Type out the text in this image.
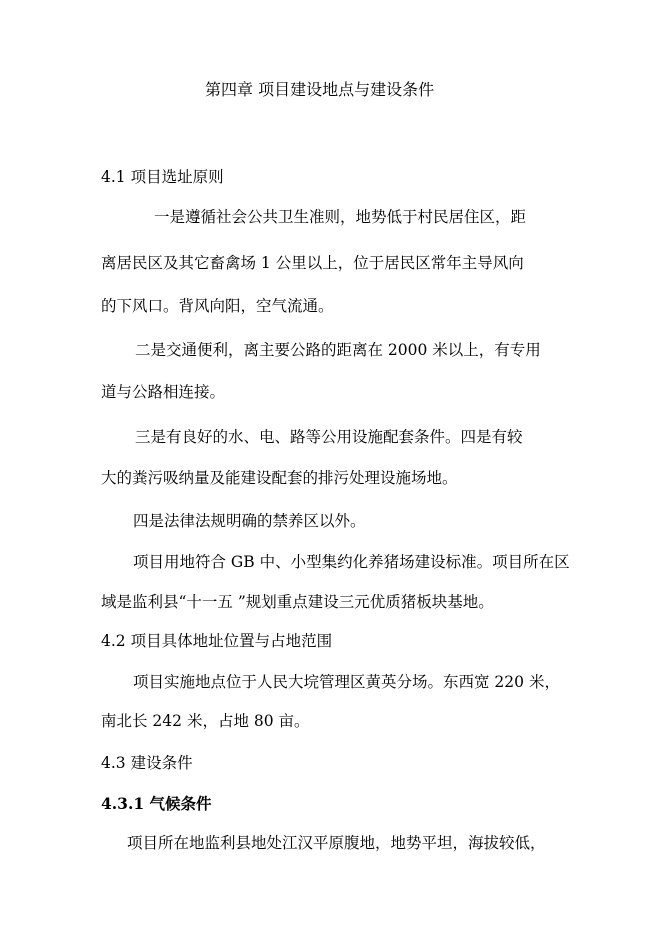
第四章 项目建设地点与建设条件
4.1 项目选址原则
一是遵循社会公共卫生准则，地势低于村民居住区，距
离居民区及其它畜禽场 1 公里以上，位于居民区常年主导风向
的下风口。背风向阳，空气流通。
二是交通便利，离主要公路的距离在 2000 米以上，有专用
道与公路相连接。
三是有良好的水、电、路等公用设施配套条件。四是有较
大的粪污吸纳量及能建设配套的排污处理设施场地。
四是法律法规明确的禁养区以外。
项目用地符合 GB 中、小型集约化养猪场建设标准。项目所在区
域是监利县“十一五 ”规划重点建设三元优质猪板块基地。
4.2 项目具体地址位置与占地范围
项目实施地点位于人民大垸管理区黄英分场。东西宽 220 米，
南北长 242 米，占地 80 亩。
4.3 建设条件
4.3.1 气候条件
项目所在地监利县地处江汉平原腹地，地势平坦，海拔较低，
